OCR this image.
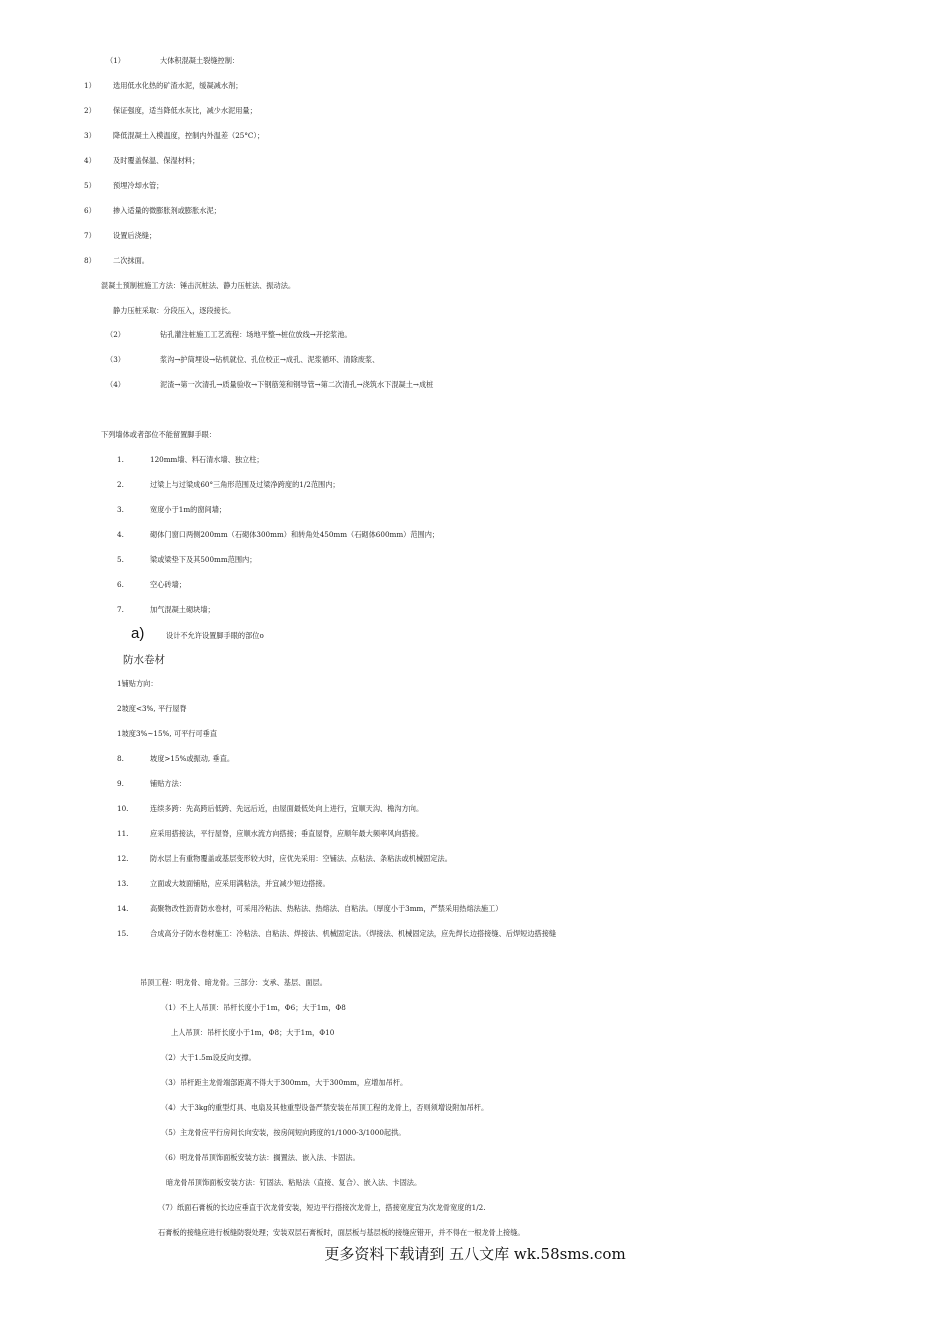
（1）	大体积混凝土裂缝控制：
1） 选用低水化热的矿渣水泥，缓凝减水剂；
2） 保证强度，适当降低水灰比，减少水泥用量；
3） 降低混凝土入模温度，控制内外温差（25°C）；
4） 及时覆盖保温、保湿材料；
5） 预埋冷却水管；
6） 掺入适量的微膨胀剂或膨胀水泥；
7） 设置后浇缝；
8） 二次抹面。
混凝土预制桩施工方法：锤击沉桩法、静力压桩法、振动法。
静力压桩采取：分段压入，逐段接长。
（2）	钻孔灌注桩施工工艺流程：场地平整→桩位放线→开挖浆池。
（3）	浆沟→护筒埋设→钻机就位、孔位校正→成孔、泥浆循环、清除废浆、
（4）	泥渣→第一次清孔→质量验收→下钢筋笼和钢导管→第二次清孔→浇筑水下混凝土→成桩
下列墙体或者部位不能留置脚手眼：
1.	120mm墙、料石清水墙、独立柱；
2.	过梁上与过梁成60°三角形范围及过梁净跨度的1/2范围内；
3.	宽度小于1m的窗间墙；
4.	砌体门窗口两侧200mm（石砌体300mm）和转角处450mm（石砌体600mm）范围内；
5.	梁或梁垫下及其500mm范围内；
6.	空心砖墙；
7.	加气混凝土砌块墙；
a)	设计不允许设置脚手眼的部位o
防水卷材
1铺贴方向：
2坡度<3%, 平行屋脊
1坡度3%~15%, 可平行可垂直
8.	坡度>15%或振动, 垂直。
9.	铺贴方法：
10.	连续多跨：先高跨后低跨、先远后近，由屋面最低处向上进行，宜顺天沟、檐沟方向。
11.	应采用搭接法，平行屋脊，应顺水流方向搭接；垂直屋脊，应顺年最大频率风向搭接。
12.	防水层上有重物覆盖或基层变形较大时，应优先采用：空铺法、点粘法、条粘法或机械固定法。
13.	立面或大坡面铺贴，应采用满粘法，并宜减少短边搭接。
14.	高聚物改性沥青防水卷材，可采用冷粘法、热粘法、热熔法、自粘法。（厚度小于3mm，严禁采用热熔法施工）
15.	合成高分子防水卷材施工：冷粘法、自粘法、焊接法、机械固定法。（焊接法、机械固定法，应先焊长边搭接缝、后焊短边搭接缝
吊顶工程：明龙骨、暗龙骨。三部分：支承、基层、面层。
（1）不上人吊顶：吊杆长度小于1m，Φ6；大于1m，Φ8
上人吊顶：吊杆长度小于1m，Φ8；大于1m，Φ10
（2）大于1.5m设反向支撑。
（3）吊杆距主龙骨端部距离不得大于300mm，大于300mm，应增加吊杆。
（4）大于3kg的重型灯具、电扇及其他重型设备严禁安装在吊顶工程的龙骨上，否则须增设附加吊杆。
（5）主龙骨应平行房间长向安装，按房间短向跨度的1/1000-3/1000起拱。
（6）明龙骨吊顶饰面板安装方法：搁置法、嵌入法、卡固法。
暗龙骨吊顶饰面板安装方法：钉固法、粘贴法（直接、复合）、嵌入法、卡固法。
（7）纸面石膏板的长边应垂直于次龙骨安装，短边平行搭接次龙骨上，搭接宽度宜为次龙骨宽度的1/2.
石膏板的接缝应进行板缝防裂处理；安装双层石膏板时，面层板与基层板的接缝应错开，并不得在一根龙骨上接缝。
更多资料下载请到 五八文库 wk.58sms.com
